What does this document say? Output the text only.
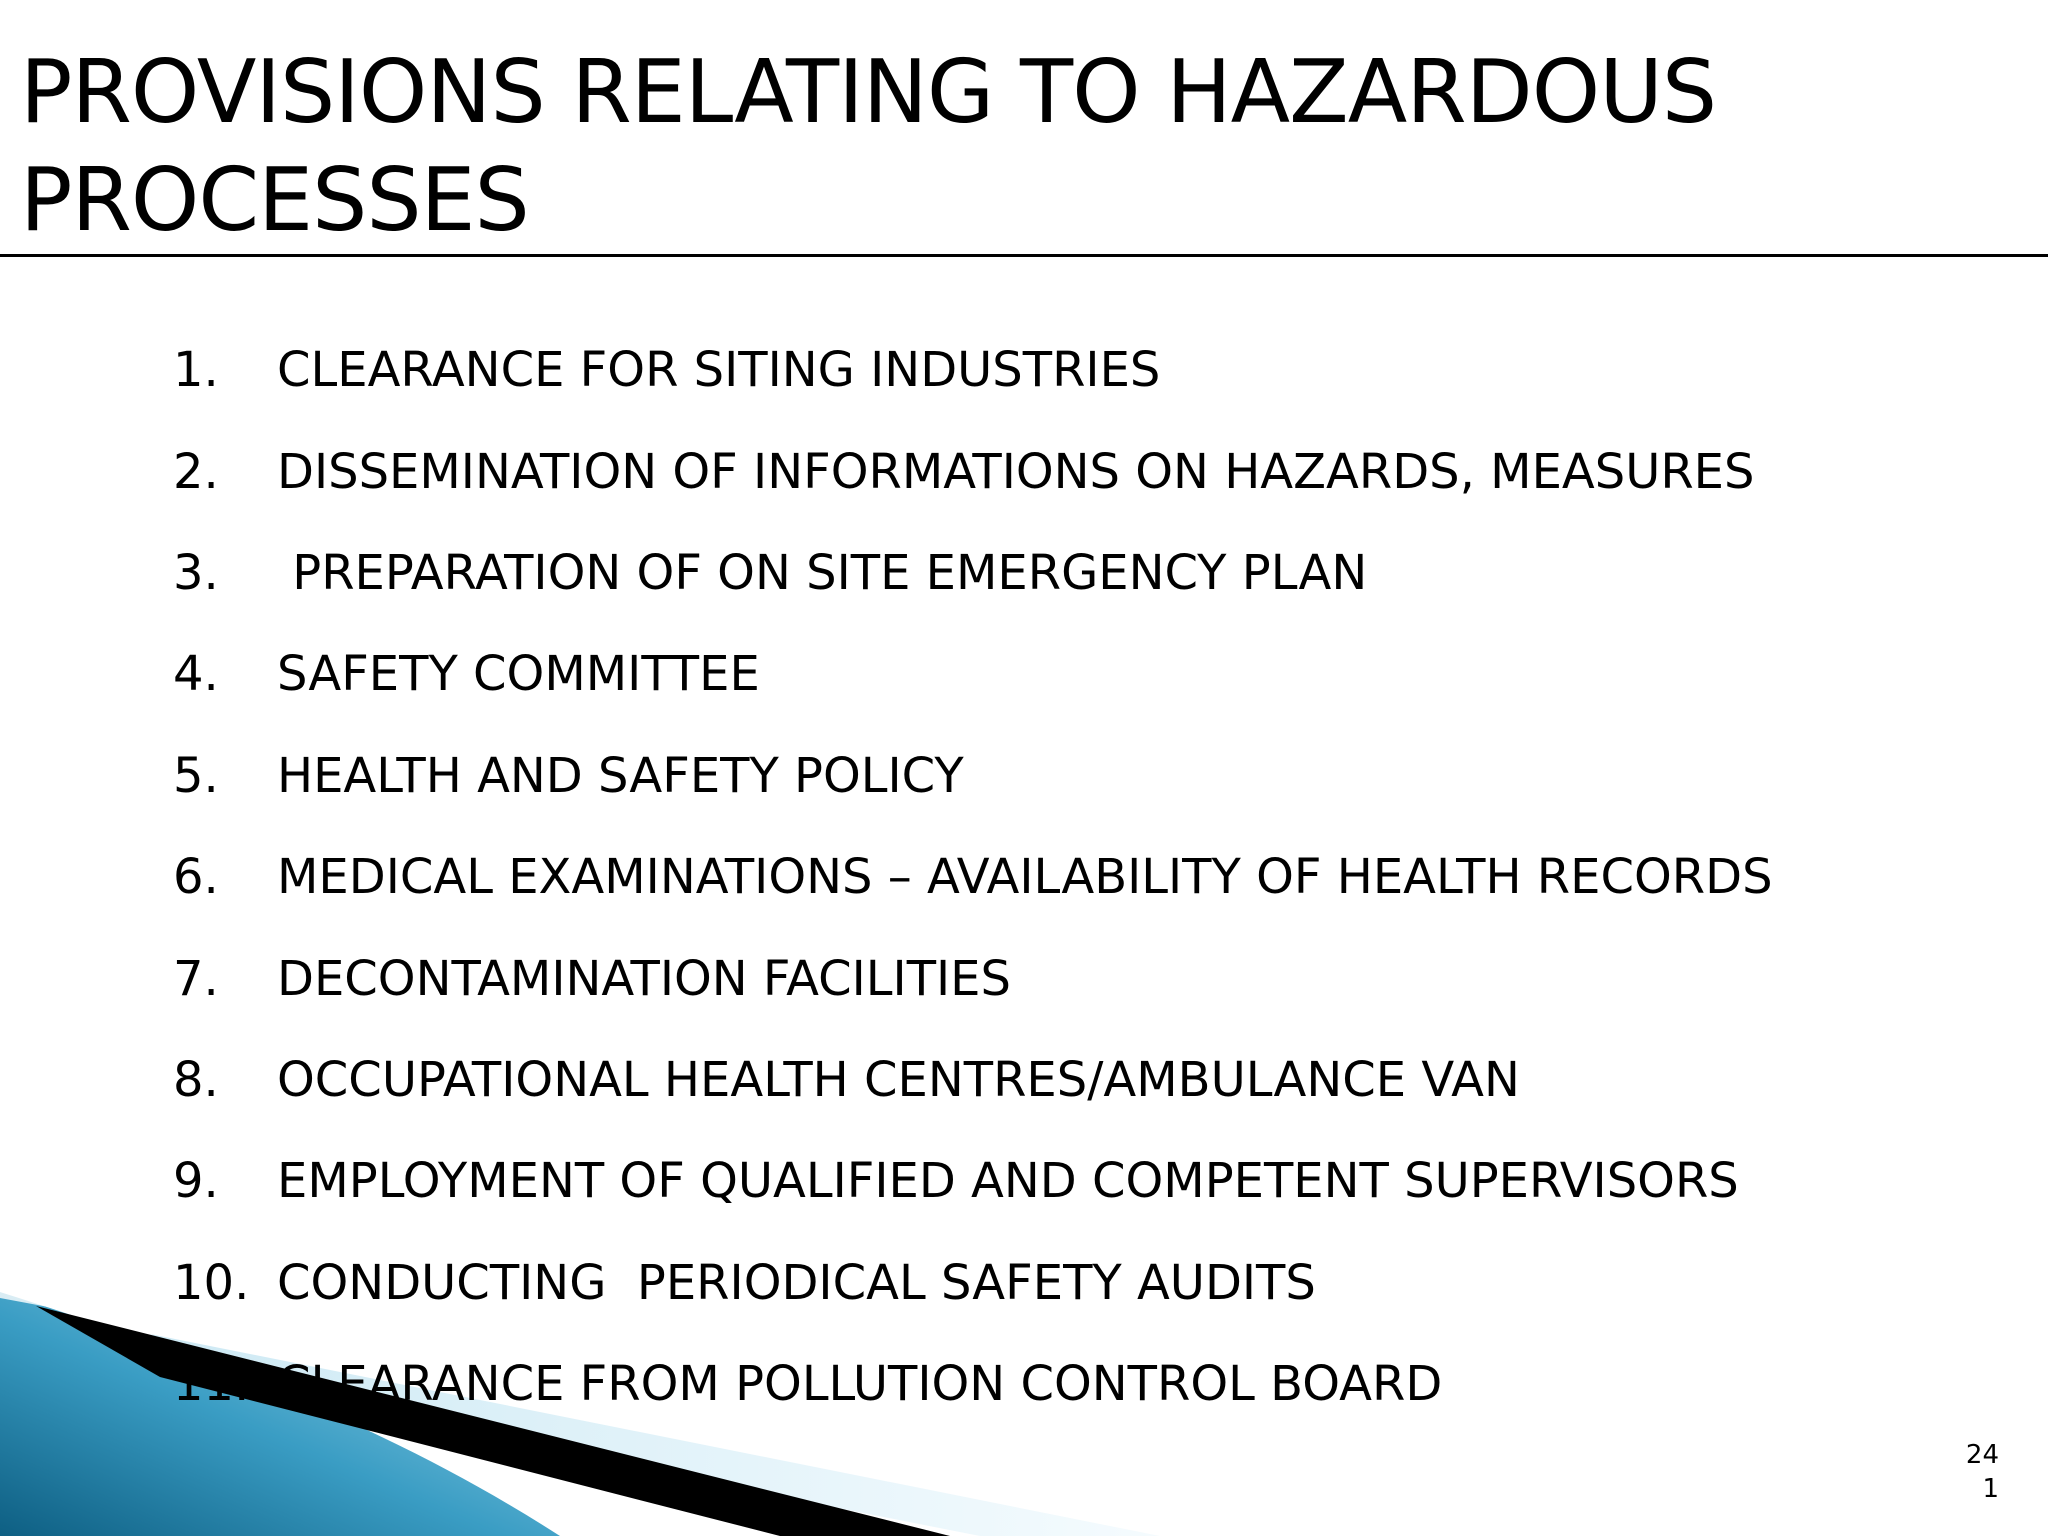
PROVISIONS RELATING TO HAZARDOUS PROCESSES

1.

CLEARANCE FOR SITING INDUSTRIES

2.

DISSEMINATION OF INFORMATIONS ON HAZARDS, MEASURES

3.

PREPARATION OF ON SITE EMERGENCY PLAN

4.

SAFETY COMMITTEE

5.

HEALTH AND SAFETY POLICY

6.

MEDICAL EXAMINATIONS – AVAILABILITY OF HEALTH RECORDS

7.

DECONTAMINATION FACILITIES

8.

OCCUPATIONAL HEALTH CENTRES/AMBULANCE VAN

9.

EMPLOYMENT OF QUALIFIED AND COMPETENT SUPERVISORS

10.

CONDUCTING  PERIODICAL SAFETY AUDITS

11.

CLEARANCE FROM POLLUTION CONTROL BOARD

24
1
